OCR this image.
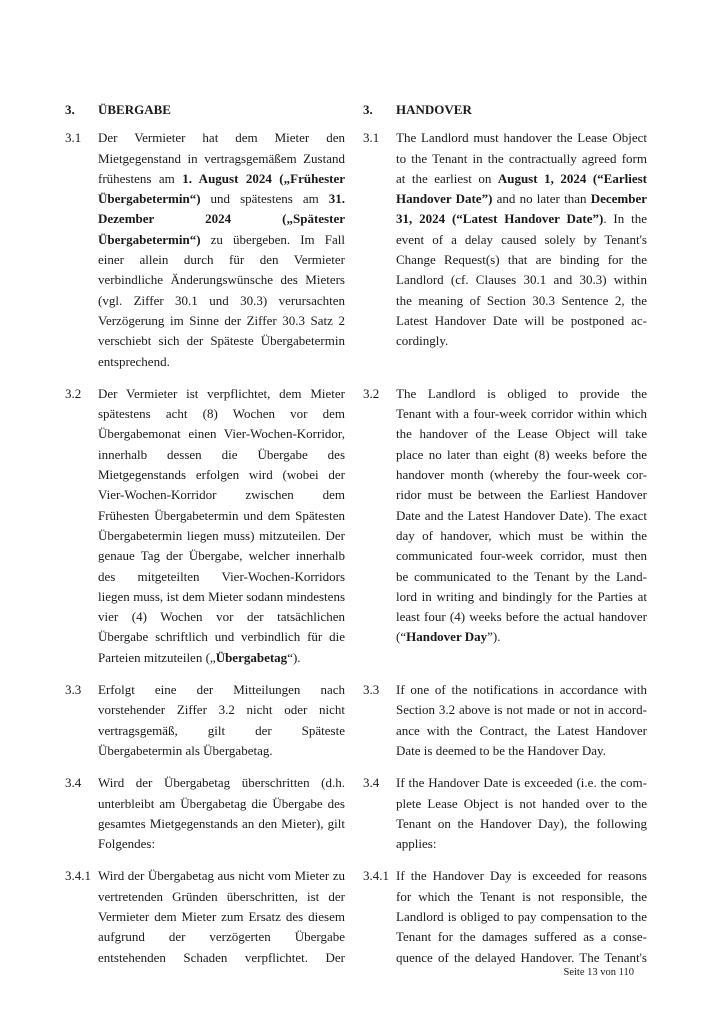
3.	ÜBERGABE	3.	HANDOVER
3.1	Der Vermieter hat dem Mieter den
Mietgegenstand in vertragsgemäßem Zustand
frühestens am 1. August 2024 („Frühester
Übergabetermin“) und spätestens am 31.
Dezember 2024 („Spätester
Übergabetermin“) zu übergeben. Im Fall
einer allein durch für den Vermieter
verbindliche Änderungswünsche des Mieters
(vgl. Ziffer 30.1 und 30.3) verursachten
Verzögerung im Sinne der Ziffer 30.3 Satz 2
verschiebt sich der Späteste Übergabetermin
entsprechend.
3.1	The Landlord must handover the Lease Object
to the Tenant in the contractually agreed form
at the earliest on August 1, 2024 (“Earliest
Handover Date”) and no later than December
31, 2024 (“Latest Handover Date”). In the
event of a delay caused solely by Tenant's
Change Request(s) that are binding for the
Landlord (cf. Clauses 30.1 and 30.3) within
the meaning of Section 30.3 Sentence 2, the
Latest Handover Date will be postponed ac-
cordingly.
3.2	Der Vermieter ist verpflichtet, dem Mieter
spätestens acht (8) Wochen vor dem
Übergabemonat einen Vier-Wochen-Korridor,
innerhalb dessen die Übergabe des
Mietgegenstands erfolgen wird (wobei der
Vier-Wochen-Korridor zwischen dem
Frühesten Übergabetermin und dem Spätesten
Übergabetermin liegen muss) mitzuteilen. Der
genaue Tag der Übergabe, welcher innerhalb
des mitgeteilten Vier-Wochen-Korridors
liegen muss, ist dem Mieter sodann mindestens
vier (4) Wochen vor der tatsächlichen
Übergabe schriftlich und verbindlich für die
Parteien mitzuteilen („Übergabetag“).
3.2	The Landlord is obliged to provide the
Tenant with a four-week corridor within which
the handover of the Lease Object will take
place no later than eight (8) weeks before the
handover month (whereby the four-week cor-
ridor must be between the Earliest Handover
Date and the Latest Handover Date). The exact
day of handover, which must be within the
communicated four-week corridor, must then
be communicated to the Tenant by the Land-
lord in writing and bindingly for the Parties at
least four (4) weeks before the actual handover
(“Handover Day”).
3.3	Erfolgt eine der Mitteilungen nach
vorstehender Ziffer 3.2 nicht oder nicht
vertragsgemäß, gilt der Späteste
Übergabetermin als Übergabetag.
3.3	If one of the notifications in accordance with
Section 3.2 above is not made or not in accord-
ance with the Contract, the Latest Handover
Date is deemed to be the Handover Day.
3.4	Wird der Übergabetag überschritten (d.h.
unterbleibt am Übergabetag die Übergabe des
gesamtes Mietgegenstands an den Mieter), gilt
Folgendes:
3.4	If the Handover Date is exceeded (i.e. the com-
plete Lease Object is not handed over to the
Tenant on the Handover Day), the following
applies:
3.4.1 Wird der Übergabetag aus nicht vom Mieter zu
vertretenden Gründen überschritten, ist der
Vermieter dem Mieter zum Ersatz des diesem
aufgrund der verzögerten Übergabe
entstehenden Schaden verpflichtet. Der
3.4.1 If the Handover Day is exceeded for reasons
for which the Tenant is not responsible, the
Landlord is obliged to pay compensation to the
Tenant for the damages suffered as a conse-
quence of the delayed Handover. The Tenant's
Seite 13 von 110
